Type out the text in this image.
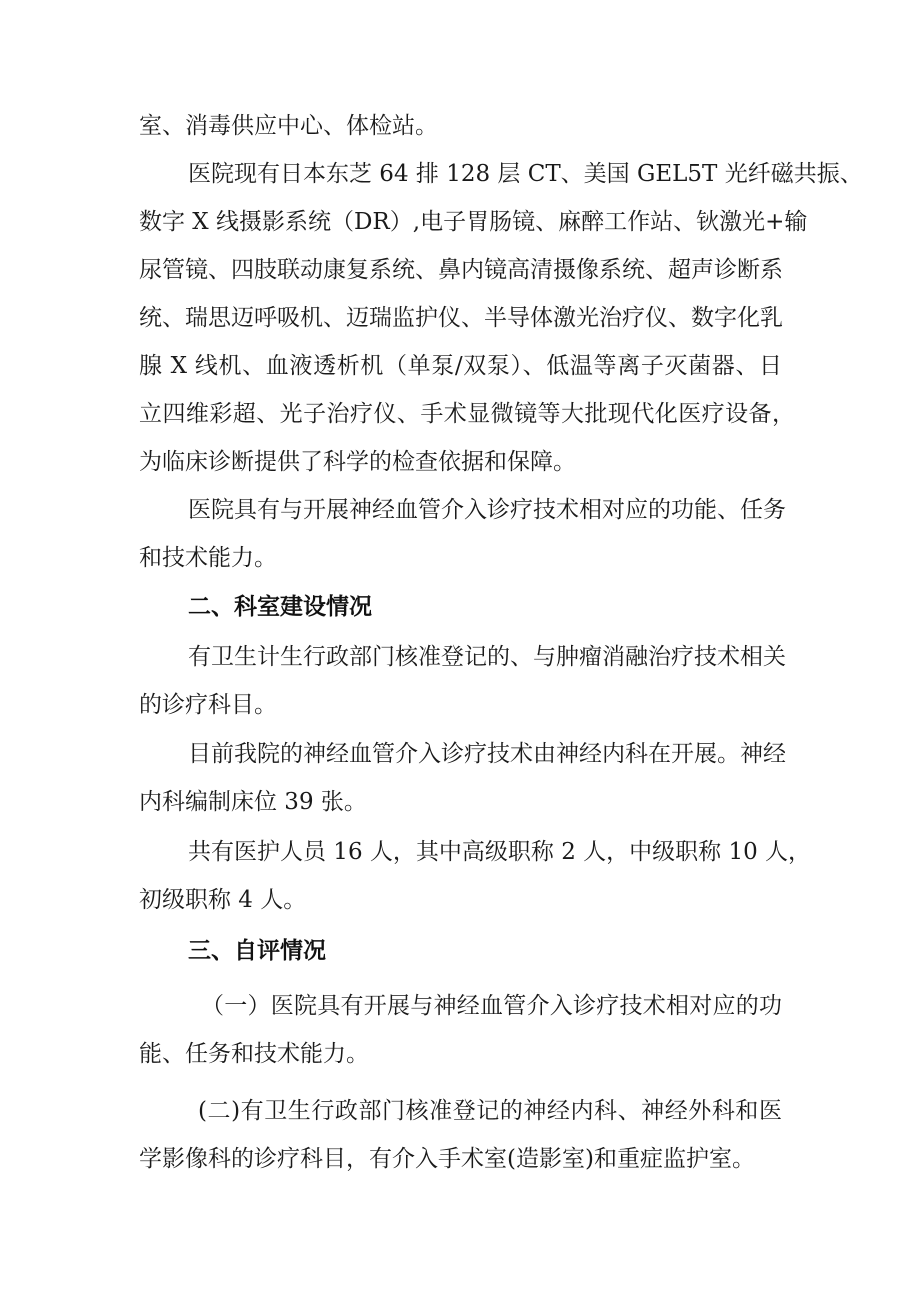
室、消毒供应中心、体检站。
医院现有日本东芝 64 排 128 层 CT、美国 GEL5T 光纤磁共振、
数字 X 线摄影系统（DR）,电子胃肠镜、麻醉工作站、钬激光+输
尿管镜、四肢联动康复系统、鼻内镜高清摄像系统、超声诊断系
统、瑞思迈呼吸机、迈瑞监护仪、半导体激光治疗仪、数字化乳
腺 X 线机、血液透析机（单泵/双泵）、低温等离子灭菌器、日
立四维彩超、光子治疗仪、手术显微镜等大批现代化医疗设备，
为临床诊断提供了科学的检查依据和保障。
医院具有与开展神经血管介入诊疗技术相对应的功能、任务
和技术能力。
二、科室建设情况
有卫生计生行政部门核准登记的、与肿瘤消融治疗技术相关
的诊疗科目。
目前我院的神经血管介入诊疗技术由神经内科在开展。神经
内科编制床位 39 张。
共有医护人员 16 人，其中高级职称 2 人，中级职称 10 人，
初级职称 4 人。
三、自评情况
（一）医院具有开展与神经血管介入诊疗技术相对应的功
能、任务和技术能力。
(二)有卫生行政部门核准登记的神经内科、神经外科和医
学影像科的诊疗科目，有介入手术室(造影室)和重症监护室。
